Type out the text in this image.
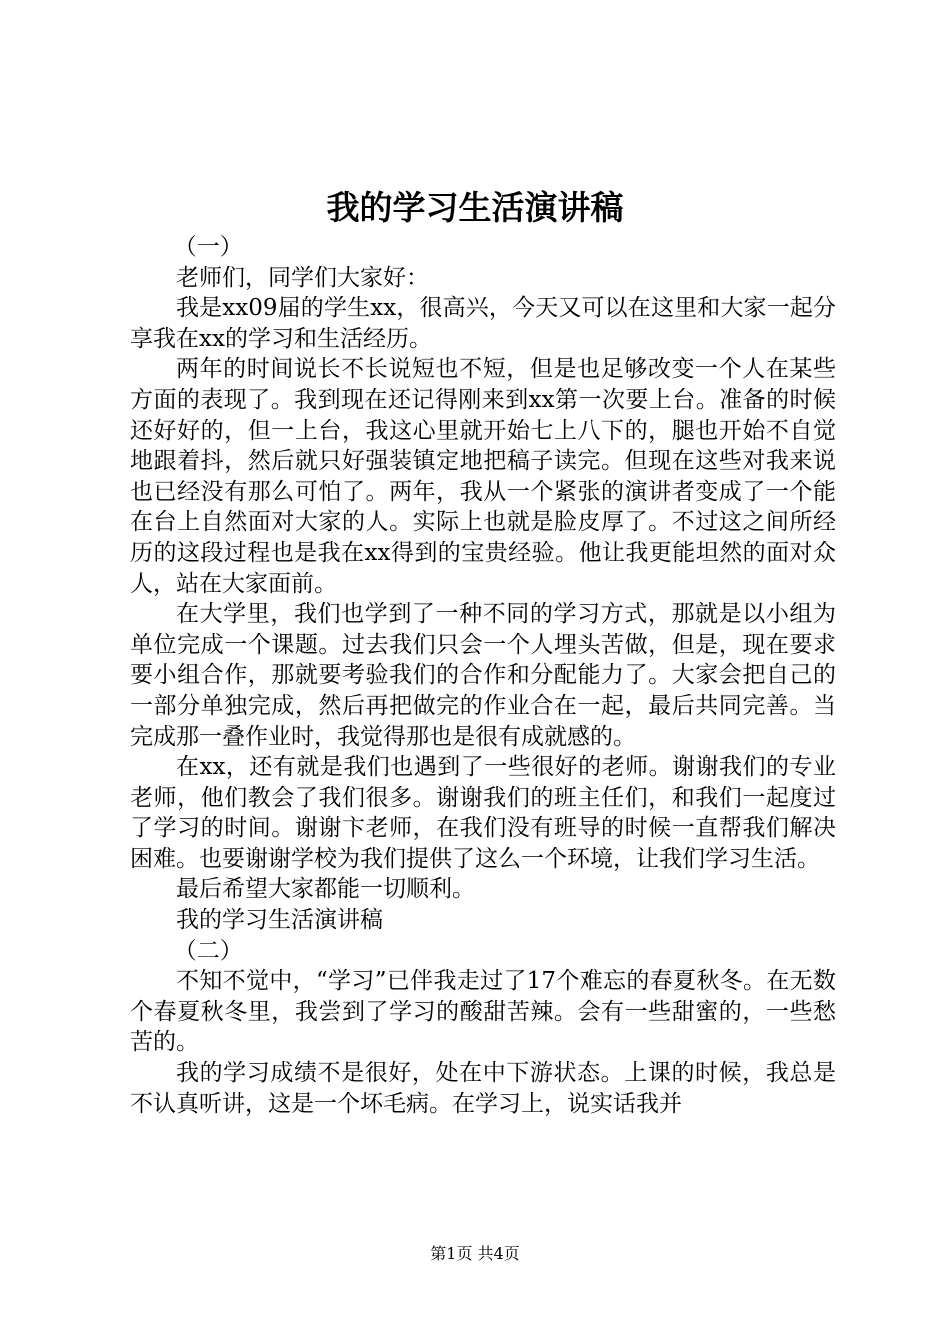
我的学习生活演讲稿

（一）

老师们，同学们大家好：

我是xx09届的学生xx，很高兴，今天又可以在这里和大家一起分享我在xx的学习和生活经历。

两年的时间说长不长说短也不短，但是也足够改变一个人在某些方面的表现了。我到现在还记得刚来到xx第一次要上台。准备的时候还好好的，但一上台，我这心里就开始七上八下的，腿也开始不自觉地跟着抖，然后就只好强装镇定地把稿子读完。但现在这些对我来说也已经没有那么可怕了。两年，我从一个紧张的演讲者变成了一个能在台上自然面对大家的人。实际上也就是脸皮厚了。不过这之间所经历的这段过程也是我在xx得到的宝贵经验。他让我更能坦然的面对众人，站在大家面前。

在大学里，我们也学到了一种不同的学习方式，那就是以小组为单位完成一个课题。过去我们只会一个人埋头苦做，但是，现在要求要小组合作，那就要考验我们的合作和分配能力了。大家会把自己的一部分单独完成，然后再把做完的作业合在一起，最后共同完善。当完成那一叠作业时，我觉得那也是很有成就感的。

在xx，还有就是我们也遇到了一些很好的老师。谢谢我们的专业老师，他们教会了我们很多。谢谢我们的班主任们，和我们一起度过了学习的时间。谢谢卞老师，在我们没有班导的时候一直帮我们解决困难。也要谢谢学校为我们提供了这么一个环境，让我们学习生活。

最后希望大家都能一切顺利。

我的学习生活演讲稿

（二）

不知不觉中，“学习”已伴我走过了17个难忘的春夏秋冬。在无数个春夏秋冬里，我尝到了学习的酸甜苦辣。会有一些甜蜜的，一些愁苦的。

我的学习成绩不是很好，处在中下游状态。上课的时候，我总是不认真听讲，这是一个坏毛病。在学习上，说实话我并

第1页 共4页
